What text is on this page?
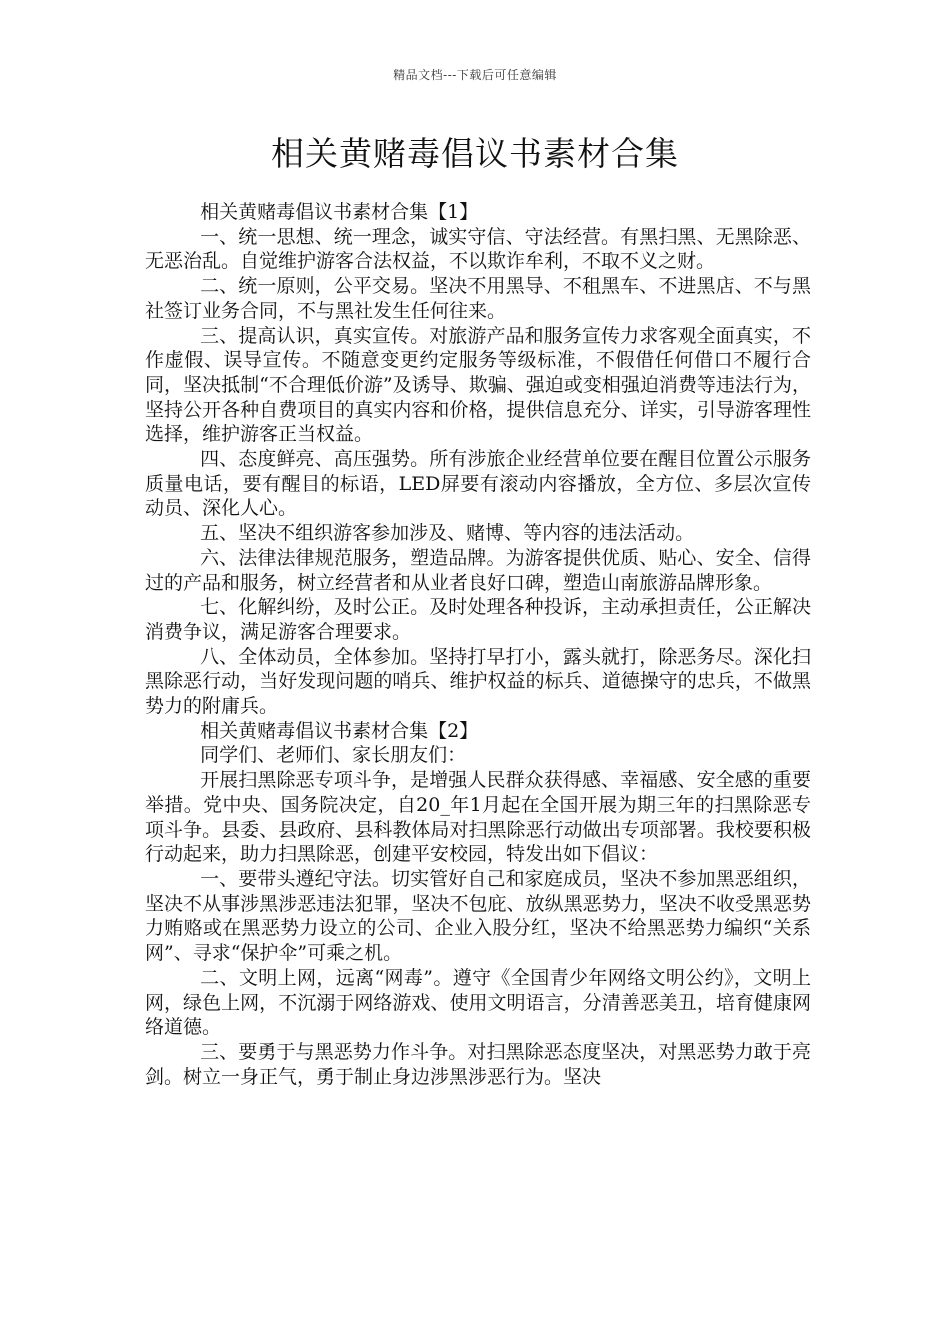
精品文档---下载后可任意编辑
相关黄赌毒倡议书素材合集

相关黄赌毒倡议书素材合集【1】

一、统一思想、统一理念，诚实守信、守法经营。有黑扫黑、无黑除恶、无恶治乱。自觉维护游客合法权益，不以欺诈牟利，不取不义之财。

二、统一原则，公平交易。坚决不用黑导、不租黑车、不进黑店、不与黑社签订业务合同，不与黑社发生任何往来。

三、提高认识，真实宣传。对旅游产品和服务宣传力求客观全面真实，不作虚假、误导宣传。不随意变更约定服务等级标准，不假借任何借口不履行合同，坚决抵制“不合理低价游”及诱导、欺骗、强迫或变相强迫消费等违法行为，坚持公开各种自费项目的真实内容和价格，提供信息充分、详实，引导游客理性选择，维护游客正当权益。

四、态度鲜亮、高压强势。所有涉旅企业经营单位要在醒目位置公示服务质量电话，要有醒目的标语，LED屏要有滚动内容播放，全方位、多层次宣传动员、深化人心。

五、坚决不组织游客参加涉及、赌博、等内容的违法活动。

六、法律法律规范服务，塑造品牌。为游客提供优质、贴心、安全、信得过的产品和服务，树立经营者和从业者良好口碑，塑造山南旅游品牌形象。

七、化解纠纷，及时公正。及时处理各种投诉，主动承担责任，公正解决消费争议，满足游客合理要求。

八、全体动员，全体参加。坚持打早打小，露头就打，除恶务尽。深化扫黑除恶行动，当好发现问题的哨兵、维护权益的标兵、道德操守的忠兵，不做黑势力的附庸兵。

相关黄赌毒倡议书素材合集【2】

同学们、老师们、家长朋友们：

开展扫黑除恶专项斗争，是增强人民群众获得感、幸福感、安全感的重要举措。党中央、国务院决定，自20_年1月起在全国开展为期三年的扫黑除恶专项斗争。县委、县政府、县科教体局对扫黑除恶行动做出专项部署。我校要积极行动起来，助力扫黑除恶，创建平安校园，特发出如下倡议：

一、要带头遵纪守法。切实管好自己和家庭成员，坚决不参加黑恶组织，坚决不从事涉黑涉恶违法犯罪，坚决不包庇、放纵黑恶势力，坚决不收受黑恶势力贿赂或在黑恶势力设立的公司、企业入股分红，坚决不给黑恶势力编织“关系网”、寻求“保护伞”可乘之机。

二、文明上网，远离“网毒”。遵守《全国青少年网络文明公约》，文明上网，绿色上网，不沉溺于网络游戏、使用文明语言，分清善恶美丑，培育健康网络道德。

三、要勇于与黑恶势力作斗争。对扫黑除恶态度坚决，对黑恶势力敢于亮剑。树立一身正气，勇于制止身边涉黑涉恶行为。坚决
